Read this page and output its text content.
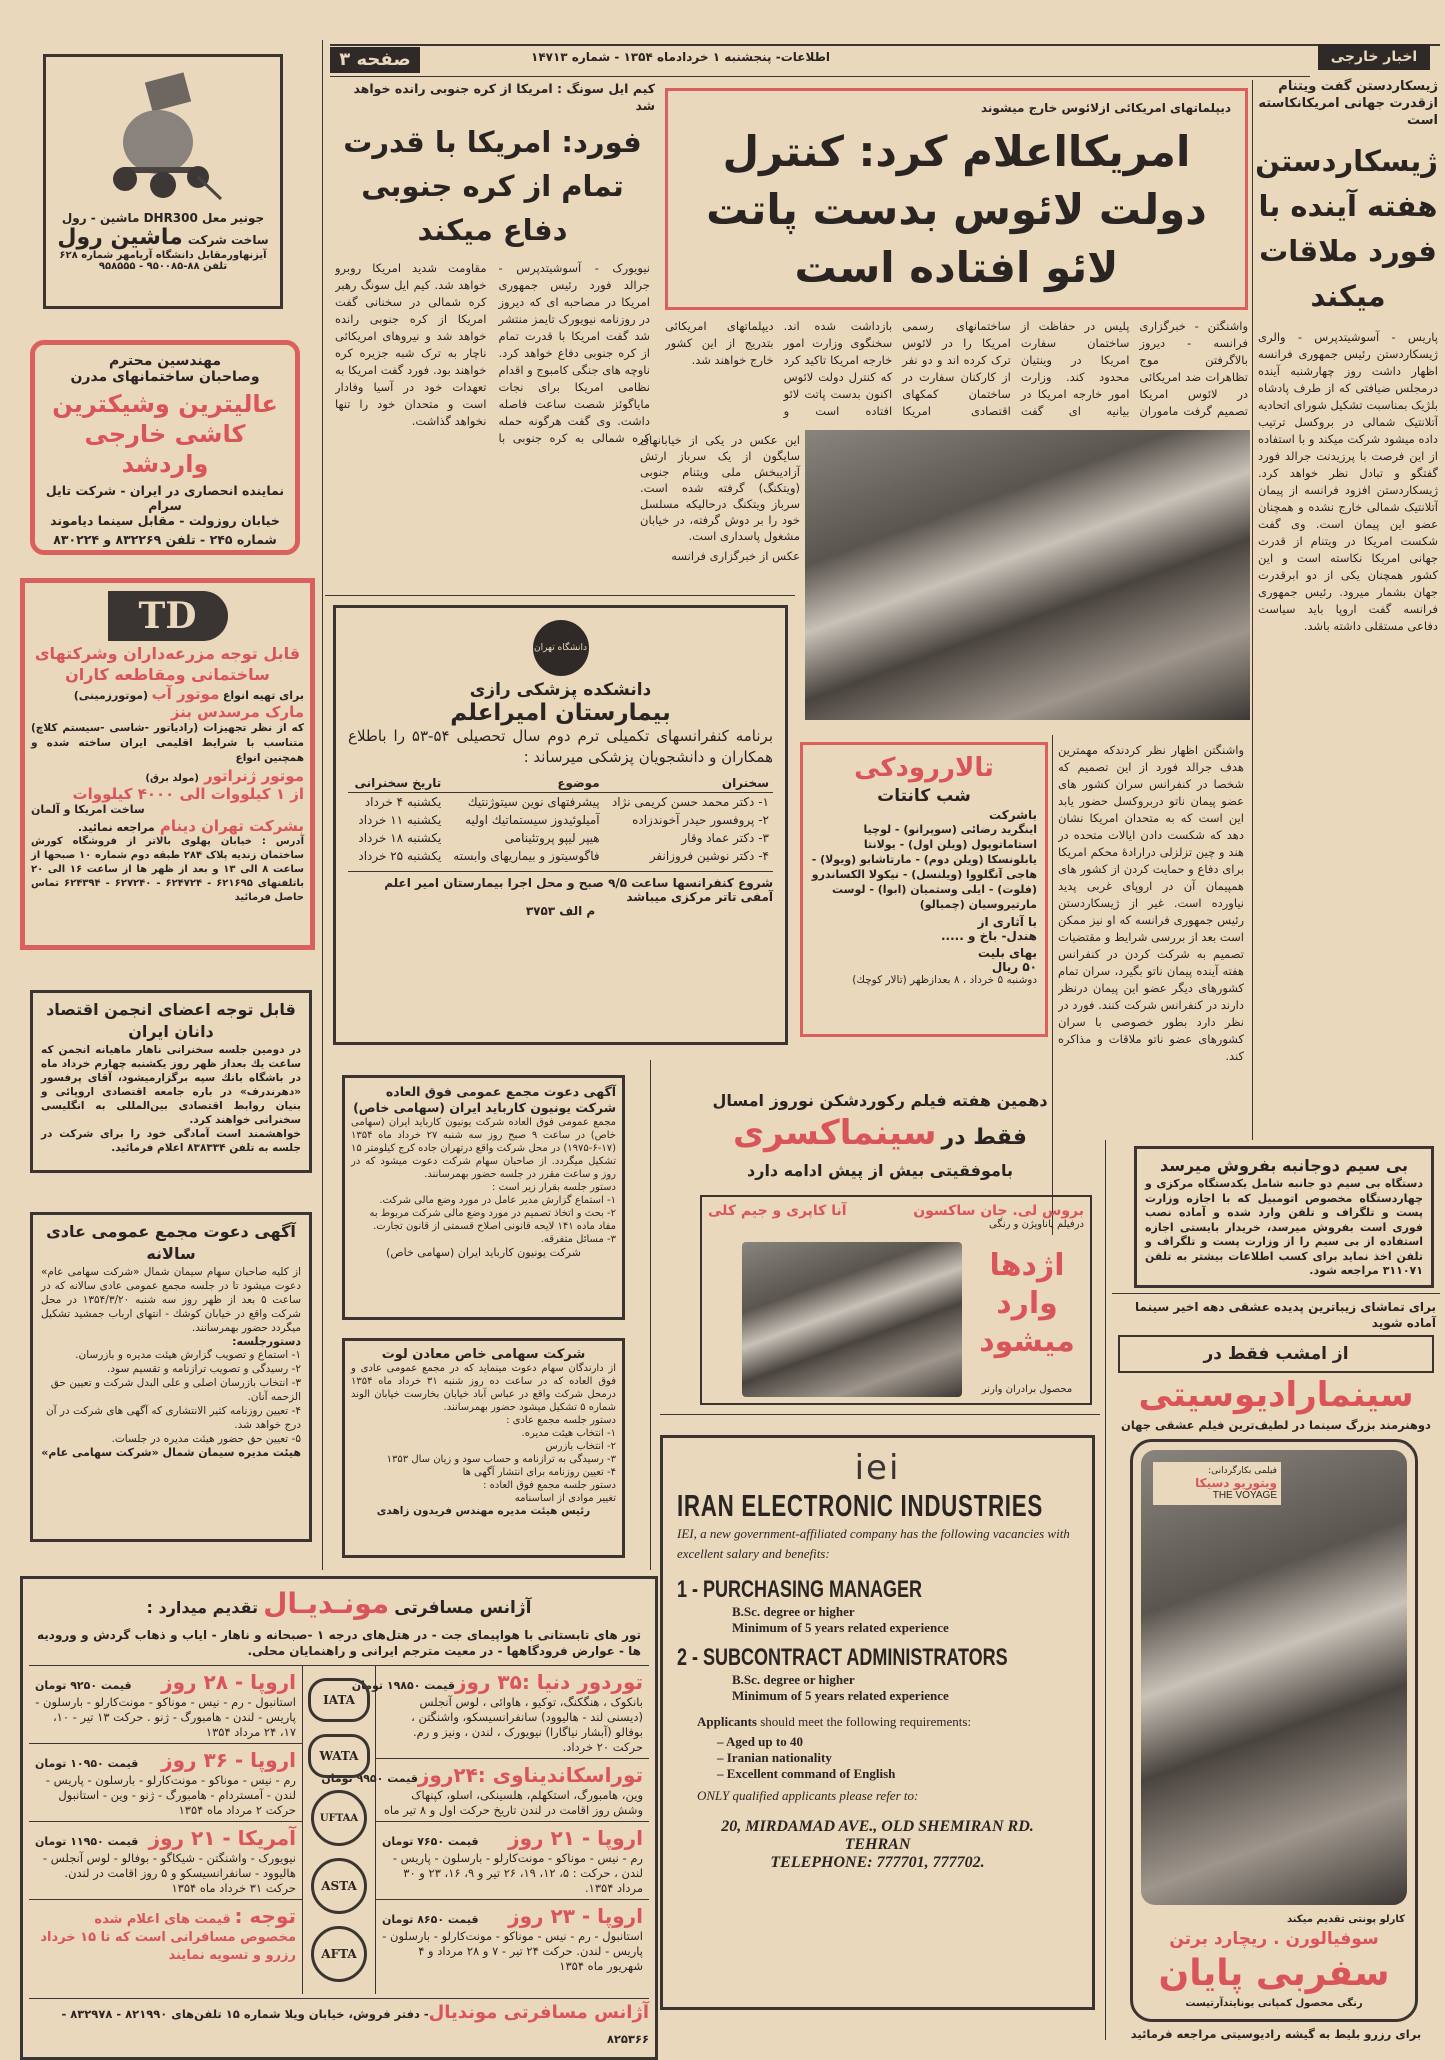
صفحه ۳	اطلاعات- پنجشنبه ۱ خردادماه ۱۳۵۴ - شماره ۱۴۷۱۳	اخبار خارجی
ژیسکاردستن گفت ویتنام ازقدرت جهانی امریکانکاسته است
ژیسکاردستن هفته آینده با فورد ملاقات میکند
پاریس - آسوشیتدپرس - والری ژیسکاردستن رئیس جمهوری فرانسه اظهار داشت روز چهارشنبه آینده درمجلس ضیافتی که از طرف پادشاه بلژیک بمناسبت تشکیل شورای اتحادیه آتلانتیک شمالی در بروکسل ترتیب داده میشود شرکت میکند و با استفاده از این فرصت با پرزیدنت جرالد فورد گفتگو و تبادل نظر خواهد کرد. ژیسکاردستن افزود فرانسه از پیمان آتلانتیک شمالی خارج نشده و همچنان عضو این پیمان است. وی گفت شکست امریکا در ویتنام از قدرت جهانی امریکا نکاسته است و این کشور همچنان یکی از دو ابرقدرت جهان بشمار میرود. رئیس جمهوری فرانسه گفت اروپا باید سیاست دفاعی مستقلی داشته باشد.
دیپلماتهای امریکائی ازلائوس خارج میشوند
امریکااعلام کرد: کنترل دولت لائوس بدست پاتت لائو افتاده است
واشنگتن - خبرگزاری فرانسه - دیروز بالاگرفتن موج تظاهرات ضد امریکائی در لائوس امریکا تصمیم گرفت ماموران پلیس در حفاظت از ساختمان سفارت امریکا در وینتیان محدود کند. وزارت امور خارجه امریکا در بیانیه ای گفت ساختمانهای رسمی امریکا را در لائوس ترک کرده اند و دو نفر از کارکنان سفارت در ساختمان کمکهای اقتصادی امریکا بازداشت شده اند. سخنگوی وزارت امور خارجه امریکا تاکید کرد که کنترل دولت لائوس اکنون بدست پاتت لائو افتاده است و دیپلماتهای امریکائی بتدریج از این کشور خارج خواهند شد.
این عکس در یکی از خیابانهای سایگون از یک سرباز ارتش آزادیبخش ملی ویتنام جنوبی (ویتکنگ) گرفته شده است. سرباز ویتکنگ درحالیکه مسلسل خود را بر دوش گرفته، در خیابان مشغول پاسداری است.
عکس از خبرگزاری فرانسه
کیم ایل سونگ : امریکا از کره جنوبی رانده خواهد شد
فورد: امریکا با قدرت تمام از کره جنوبی دفاع میکند
نیویورک - آسوشیتدپرس - جرالد فورد رئیس جمهوری امریکا در مصاحبه ای که دیروز در روزنامه نیویورک تایمز منتشر شد گفت امریکا با قدرت تمام از کره جنوبی دفاع خواهد کرد. ناوچه های جنگی کامبوج و اقدام نظامی امریکا برای نجات مایاگوئز شصت ساعت فاصله داشت. وی گفت هرگونه حمله کره شمالی به کره جنوبی با مقاومت شدید امریکا روبرو خواهد شد. کیم ایل سونگ رهبر کره شمالی در سخنانی گفت امریکا از کره جنوبی رانده خواهد شد و نیروهای امریکائی ناچار به ترک شبه جزیره کره خواهند بود. فورد گفت امریکا به تعهدات خود در آسیا وفادار است و متحدان خود را تنها نخواهد گذاشت.
واشنگتن اظهار نظر کردندکه مهمترین هدف جرالد فورد از این تصمیم که شخصا در کنفرانس سران کشور های عضو پیمان ناتو دربروکسل حضور یابد این است که به متحدان امریکا نشان دهد که شکست دادن ایالات متحده در هند و چین تزلزلی درارادهٔ محکم امریکا برای دفاع و حمایت کردن از کشور های همپیمان آن در اروپای غربی پدید نیاورده است. غیر از ژیسکاردستن رئیس جمهوری فرانسه که او نیز ممکن است بعد از بررسی شرایط و مقتضیات تصمیم به شرکت کردن در کنفرانس هفته آینده پیمان ناتو بگیرد، سران تمام کشورهای دیگر عضو این پیمان درنظر دارند در کنفرانس شرکت کنند. فورد در نظر دارد بطور خصوصی با سران کشورهای عضو ناتو ملاقات و مذاکره کند.
جونیر معل DHR300 ماشین - رول
ساخت شرکت ماشین رول
آیزنهاورمقابل دانشگاه آریامهر شماره ۶۲۸
تلفن ۸۸-۹۵۰۰۸۵ - ۹۵۸۵۵۵
مهندسین محترم
وصاحبان ساختمانهای مدرن
عالیترین وشیکترین کاشی خارجی واردشد
نماینده انحصاری در ایران - شرکت تایل سرام
خیابان روزولت - مقابل سینما دیاموند
شماره ۲۴۵ - تلفن ۸۳۲۲۶۹ و ۸۳۰۲۲۴
TD
قابل توجه مزرعه‌داران وشرکتهای ساختمانی ومقاطعه کاران
برای تهیه انواع موتور آب (موتورزمینی)
مارک مرسدس بنز
که از نظر تجهیزات (رادیاتور -شاسی -سیستم کلاچ) متناسب با شرایط اقلیمی ایران ساخته شده و همچنین انواع
موتور ژنراتور (مولد برق)
از ۱ کیلووات الی ۴۰۰۰ کیلووات
ساخت امریکا و آلمان
بشرکت تهران دینام مراجعه نمائید.
آدرس : خیابان پهلوی بالاتر از فروشگاه کورش ساختمان زندیه پلاک ۲۸۴ طبقه دوم شماره ۱۰ صبحها از ساعت ۸ الی ۱۳ و بعد از ظهر ها از ساعت ۱۶ الی ۲۰ باتلفنهای ۶۲۱۶۹۵ - ۶۲۴۷۲۴ - ۶۲۷۲۴۰ - ۶۲۴۳۹۴ تماس حاصل فرمائید
قابل توجه اعضای انجمن اقتصاد دانان ایران
در دومین جلسه سخنرانی ناهار ماهیانه انجمن که ساعت یك بعداز ظهر روز یکشنبه چهارم خرداد ماه در باشگاه بانك سپه برگزارمیشود، آقای پرفسور «دهرندرف» در باره جامعه اقتصادی اروپائی و بنیان روابط اقتصادی بین‌المللی به انگلیسی سخنرانی خواهند کرد.
خواهشمند است آمادگی خود را برای شرکت در جلسه به تلفن ۸۳۸۳۳۴ اعلام فرمائید.
آگهی دعوت مجمع عمومی عادی سالانه
از کلیه صاحبان سهام سیمان شمال «شرکت سهامی عام» دعوت میشود تا در جلسه مجمع عمومی عادی سالانه که در ساعت ۵ بعد از ظهر روز سه شنبه ۱۳۵۴/۳/۲۰ در محل شرکت واقع در خیابان کوشك - انتهای ارباب جمشید تشکیل میگردد حضور بهمرسانند.
دستورجلسه:
۱- استماع و تصویب گزارش هیئت مدیره و بازرسان.
۲- رسیدگی و تصویب ترازنامه و تقسیم سود.
۳- انتخاب بازرسان اصلی و علی البدل شرکت و تعیین حق الزحمه آنان.
۴- تعیین روزنامه کثیر الانتشاری که آگهی های شرکت در آن درج خواهد شد.
۵- تعیین حق حضور هیئت مدیره در جلسات.
هیئت مدیره سیمان شمال «شرکت سهامی عام»
دانشگاه تهران
دانشکده پزشکی رازی
بیمارستان امیراعلم
برنامه کنفرانسهای تکمیلی ترم دوم سال تحصیلی ۵۴-۵۳ را باطلاع همکاران و دانشجویان پزشکی میرساند :
سخنران	موضوع	تاریخ سخنرانی
۱- دکتر محمد حسن کریمی نژاد	پیشرفتهای نوین سیتوژنتیك	یکشنبه ۴ خرداد
۲- پروفسور حیدر آخوندزاده	آمیلوئیدوز سیستماتیك اولیه	یکشنبه ۱۱ خرداد
۳- دکتر عماد وقار	هیپر لیپو پروتئینامی	یکشنبه ۱۸ خرداد
۴- دکتر نوشین فروزانفر	فاگوسیتوز و بیماریهای وابسته	یکشنبه ۲۵ خرداد
شروع کنفرانسها ساعت ۹/۵ صبح و محل اجرا بیمارستان امیر اعلم آمفی تاتر مرکزی میباشد
م الف ۳۷۵۳
تالاررودکی
شب کانتات
باشرکت
اینگرید رضائی (سوپرانو) - لوچیا استاماتوپول (ویلن اول) - یولانتا یابلونسکا (ویلن دوم) - مارتاشابو (ویولا) - هاجی آنگلووا (ویلنسل) - نیکولا الکساندرو (فلوت) - ایلی وستمیان (ابوا) - لوست مارتیروسیان (چمبالو)
با آثاری از
هندل- باخ و .....
بهای بلیت
۵۰ ریال
دوشنبه ۵ خرداد ، ۸ بعدازظهر (تالار کوچك)
آگهی دعوت مجمع عمومی فوق العاده شرکت یونیون کارباید ایران (سهامی خاص)
مجمع عمومی فوق العاده شرکت یونیون کارباید ایران (سهامی خاص) در ساعت ۹ صبح روز سه شنبه ۲۷ خرداد ماه ۱۳۵۴ (۱۷-۶-۱۹۷۵) در محل شرکت واقع درتهران جاده کرج کیلومتر ۱۵ تشکیل میگردد. از صاحبان سهام شرکت دعوت میشود که در روز و ساعت مقرر در جلسه حضور بهمرسانند.
دستور جلسه بقرار زیر است :
۱- استماع گزارش مدیر عامل در مورد وضع مالی شرکت.
۲- بحث و اتخاذ تصمیم در مورد وضع مالی شرکت مربوط به مفاد ماده ۱۴۱ لایحه قانونی اصلاح قسمتی از قانون تجارت.
۳- مسائل متفرقه.
شرکت یونیون کارباید ایران (سهامی خاص)
شرکت سهامی خاص معادن لوت
از دارندگان سهام دعوت مینماید که در مجمع عمومی عادی و فوق العاده که در ساعت ده روز شنبه ۳۱ خرداد ماه ۱۳۵۴ درمحل شرکت واقع در عباس آباد خیابان بخارست خیابان الوند شماره ۵ تشکیل میشود حضور بهمرسانند.
دستور جلسه مجمع عادی :
۱- انتخاب هیئت مدیره.
۲- انتخاب بازرس
۳- رسیدگی به ترازنامه و حساب سود و زیان سال ۱۳۵۳
۴- تعیین روزنامه برای انتشار آگهی ها
دستور جلسه مجمع فوق العاده :
تغییر موادی از اساسنامه
رئیس هیئت مدیره مهندس فریدون زاهدی
دهمین هفته فیلم رکوردشکن نوروز امسال
فقط در سینماکسری
باموفقیتی بیش از پیش ادامه دارد
بروس لی. جان ساکسون
آنا کاپری و جیم کلی
درفیلم پاناویژن و رنگی
اژدها وارد میشود
محصول برادران وارنر
iei
IRAN ELECTRONIC INDUSTRIES
IEI, a new government-affiliated company has the following vacancies with excellent salary and benefits:
1 - PURCHASING MANAGER
B.Sc. degree or higher
Minimum of 5 years related experience
2 - SUBCONTRACT ADMINISTRATORS
B.Sc. degree or higher
Minimum of 5 years related experience
Applicants should meet the following requirements:
– Aged up to 40
– Iranian nationality
– Excellent command of English
ONLY qualified applicants please refer to:
20, MIRDAMAD AVE., OLD SHEMIRAN RD.
TEHRAN
TELEPHONE: 777701, 777702.
بی سیم دوجانبه بفروش میرسد
دستگاه بی سیم دو جانبه شامل یکدستگاه مرکزی و چهاردستگاه مخصوص اتومبیل که با اجازه وزارت پست و تلگراف و تلفن وارد شده و آماده نصب فوری است بفروش میرسد، خریدار بایستی اجازه استفاده از بی سیم را از وزارت پست و تلگراف و تلفن اخذ نماید برای کسب اطلاعات بیشتر به تلفن ۳۱۱۰۷۱ مراجعه شود.
برای تماشای زیباترین پدیده عشقی دهه اخیر سینما آماده شوید
از امشب فقط در
سینمارادیوسیتی
دوهنرمند بزرگ سینما در لطیف‌ترین فیلم عشقی جهان
فیلمی بکارگردانی:
ویتوریو دسیکا
THE VOYAGE
کارلو پونتی تقدیم میکند
سوفیالورن . ریچارد برتن
سفربی پایان
رنگی محصول کمپانی یونایتدآرتیست
برای رزرو بلیط به گیشه رادیوسیتی مراجعه فرمائید
آژانس مسافرتی مونـدیـال تقدیم میدارد :
تور های تابستانی با هواپیمای جت - در هتل‌های درجه ۱ -صبحانه و ناهار - ایاب و ذهاب گردش و ورودیه ها - عوارض فرودگاهها - در معیت مترجم ایرانی و راهنمایان محلی.
توردور دنیا :۳۵ روز
قیمت ۱۹۸۵۰ تومان
بانکوک ، هنگکنگ، توکیو ، هاوائی ، لوس آنجلس (دیسنی لند - هالیوود) سانفرانسیسکو، واشنگتن ، بوفالو (آبشار نیاگارا) نیویورک ، لندن ، ونیز و رم. حرکت ۲۰ خرداد.
توراسکاندیناوی :۲۴روز
قیمت ۹۹۵۰ تومان
وین، هامبورگ، استکهلم، هلسینکی، اسلو، کپنهاک وشش روز اقامت در لندن تاریخ حرکت اول و ۸ تیر ماه
اروپا - ۲۱ روز
قیمت ۷۶۵۰ تومان
رم - نیس - موناکو - مونت‌کارلو - بارسلون - پاریس - لندن ، حرکت : ۵، ۱۲، ۱۹، ۲۶ تیر و ۹، ۱۶، ۲۳ و ۳۰ مرداد ۱۳۵۴.
اروپا - ۲۳ روز
قیمت ۸۶۵۰ تومان
استانبول - رم - نیس - موناکو - مونت‌کارلو - بارسلون - پاریس - لندن. حرکت ۲۴ تیر - ۷ و ۲۸ مرداد و ۴ شهریور ماه ۱۳۵۴
IATA
WATA
UFTAA
ASTA
AFTA
اروپا - ۲۸ روز
قیمت ۹۲۵۰ تومان
استانبول - رم - نیس - موناکو - مونت‌کارلو - بارسلون - پاریس - لندن - هامبورگ - ژنو . حرکت ۱۳ تیر - ۱۰، ۱۷، ۲۴ مرداد ۱۳۵۴
اروپا - ۳۶ روز
قیمت ۱۰۹۵۰ تومان
رم - نیس - موناکو - مونت‌کارلو - بارسلون - پاریس - لندن - آمستردام - هامبورگ - ژنو - وین - استانبول حرکت ۲ مرداد ماه ۱۳۵۴
آمریکا - ۲۱ روز
قیمت ۱۱۹۵۰ تومان
نیویورک - واشنگتن - شیکاگو - بوفالو - لوس آنجلس - هالیوود - سانفرانسیسکو و ۵ روز اقامت در لندن. حرکت ۳۱ خرداد ماه ۱۳۵۴
توجه : قیمت های اعلام شده مخصوص مسافرانی است که تا ۱۵ خرداد رزرو و تسویه نمایند
آژانس مسافرتی موندیال- دفتر فروش، خیابان ویلا شماره ۱۵ تلفن‌های ۸۲۱۹۹۰ - ۸۳۲۹۷۸ - ۸۲۵۳۶۶
